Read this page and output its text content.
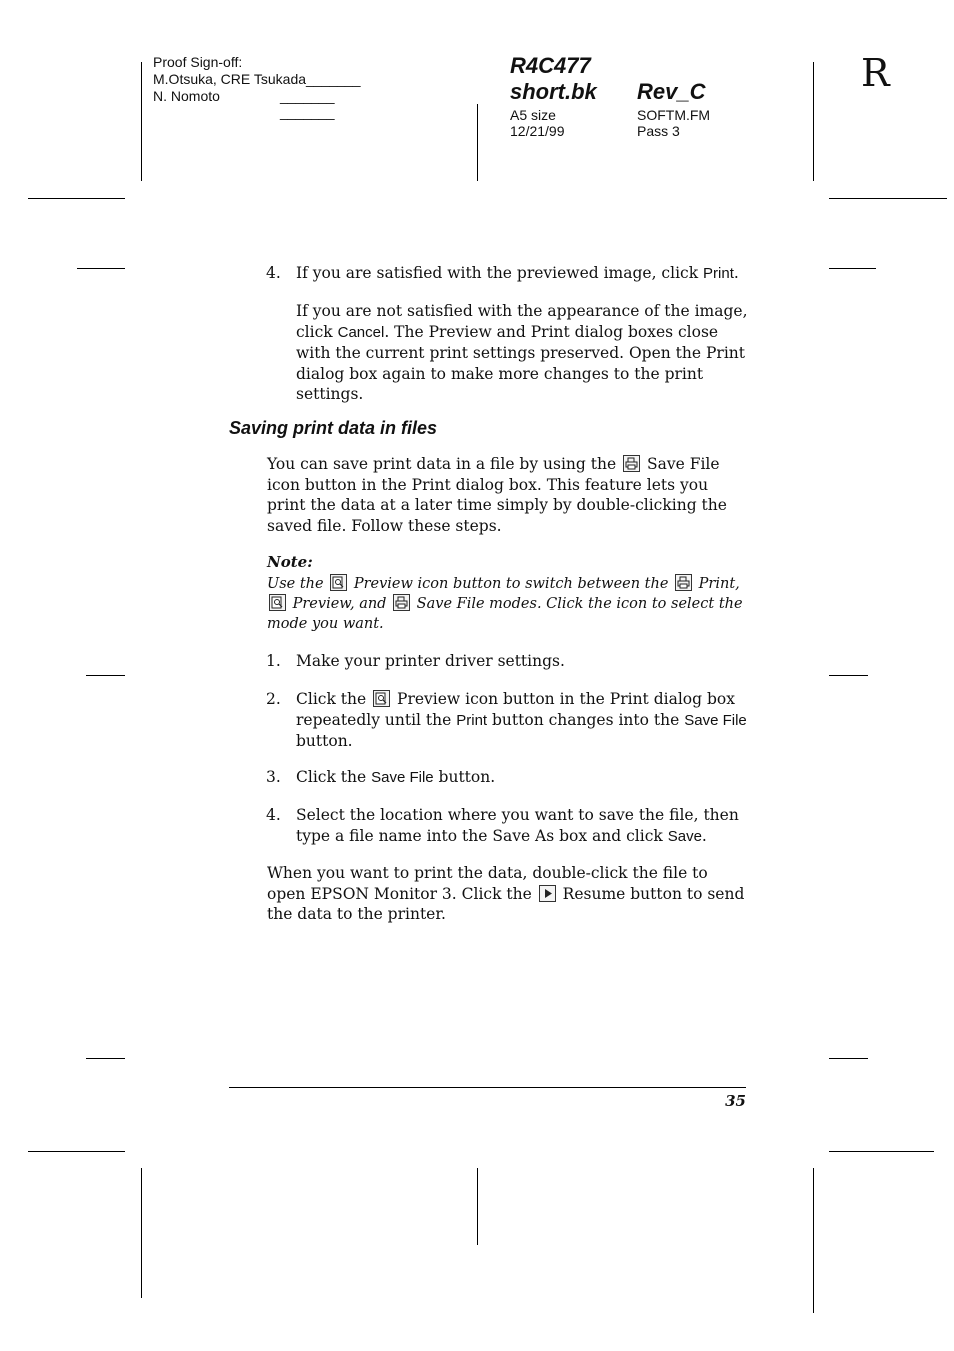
Proof Sign-off:
M.Otsuka, CRE Tsukada_______
N. Nomoto	_______
_______
R4C477
short.bk Rev_C
A5 size
12/21/99
SOFTM.FM
Pass 3
R
4. If you are satisfied with the previewed image, click Print.
If you are not satisfied with the appearance of the image, click Cancel. The Preview and Print dialog boxes close with the current print settings preserved. Open the Print dialog box again to make more changes to the print settings.
Saving print data in files
You can save print data in a file by using the
Save File icon button in the Print dialog box. This feature lets you print the data at a later time simply by double-clicking the saved file. Follow these steps.
Note:
Use the
Preview icon button to switch between the
Print,

Preview, and
Save File modes. Click the icon to select the mode you want.
1. Make your printer driver settings.
2. Click the
Preview icon button in the Print dialog box repeatedly until the Print button changes into the Save File button.
3. Click the Save File button.
4. Select the location where you want to save the file, then type a file name into the Save As box and click Save.
When you want to print the data, double-click the file to open EPSON Monitor 3. Click the
Resume button to send the data to the printer.
35
